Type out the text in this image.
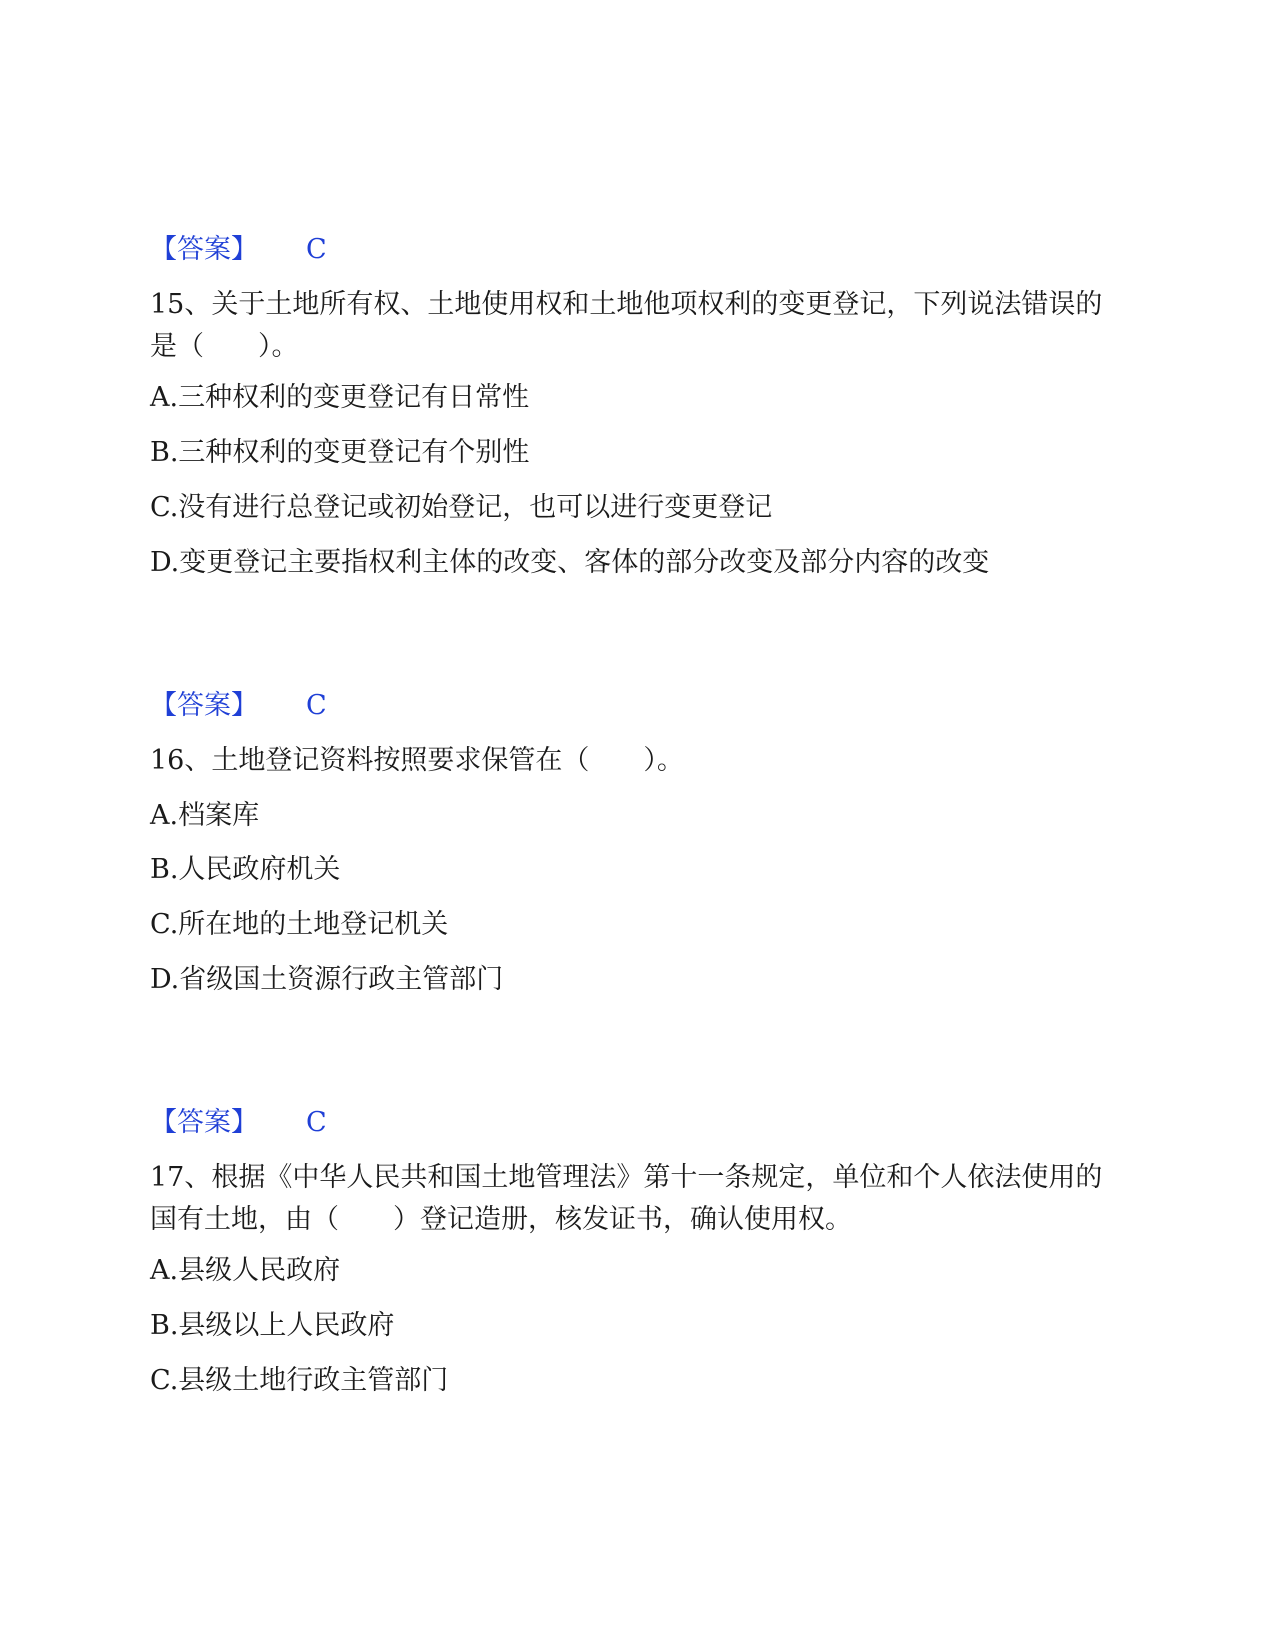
【答案】 C
15、关于土地所有权、土地使用权和土地他项权利的变更登记，下列说法错误的是（　　）。
A.三种权利的变更登记有日常性
B.三种权利的变更登记有个别性
C.没有进行总登记或初始登记，也可以进行变更登记
D.变更登记主要指权利主体的改变、客体的部分改变及部分内容的改变
【答案】 C
16、土地登记资料按照要求保管在（　　）。
A.档案库
B.人民政府机关
C.所在地的土地登记机关
D.省级国土资源行政主管部门
【答案】 C
17、根据《中华人民共和国土地管理法》第十一条规定，单位和个人依法使用的国有土地，由（　　）登记造册，核发证书，确认使用权。
A.县级人民政府
B.县级以上人民政府
C.县级土地行政主管部门
